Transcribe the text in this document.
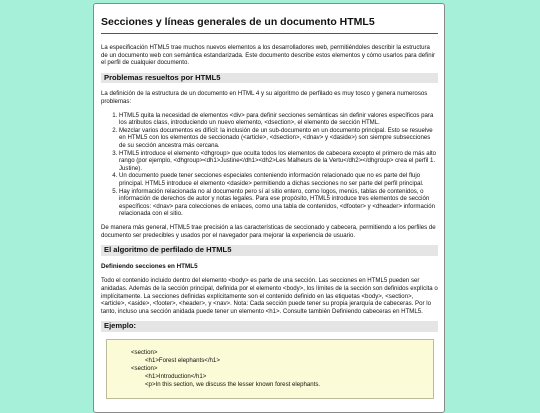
Secciones y líneas generales de un documento HTML5

La especificación HTML5 trae muchos nuevos elementos a los desarrolladores web, permitiéndoles describir la estructura de un documento web con semántica estandarizada. Este documento describe estos elementos y cómo usarlos para definir el perfil de cualquier documento.

Problemas resueltos por HTML5

La definición de la estructura de un documento en HTML 4 y su algoritmo de perfilado es muy tosco y genera numerosos problemas:

1. HTML5 quita la necesidad de elementos <div> para definir secciones semánticas sin definir valores específicos para los atributos class, introduciendo un nuevo elemento, <dsection>, el elemento de sección HTML.
2. Mezclar varios documentos es difícil: la inclusión de un sub-documento en un documento principal. Esto se resuelve en HTML5 con los elementos de seccionado (<article>, <dsection>, <dnav> y <daside>) son siempre subsecciones de su sección ancestra más cercana.
3. HTML5 introduce el elemento <dhgroup> que oculta todos los elementos de cabecera excepto el primero de más alto rango (por ejemplo, <dhgroup><dh1>Justine</dh1><dh2>Les Malheurs de la Vertu</dh2></dhgroup> crea el perfil 1. Justine).
4. Un documento puede tener secciones especiales conteniendo información relacionado que no es parte del flujo principal. HTML5 introduce el elemento <daside> permitiendo a dichas secciones no ser parte del perfil principal.
5. Hay información relacionada no al documento pero sí al sitio entero, como logos, menús, tablas de contenidos, o información de derechos de autor y notas legales. Para ese propósito, HTML5 introduce tres elementos de sección específicos: <dnav> para colecciones de enlaces, como una tabla de contenidos, <dfooter> y <dheader> información relacionada con el sitio.

De manera más general, HTML5 trae precisión a las características de seccionado y cabecera, permitiendo a los perfiles de documento ser predecibles y usados por el navegador para mejorar la experiencia de usuario.

El algoritmo de perfilado de HTML5
Definiendo secciones en HTML5

Todo el contenido incluido dentro del elemento <body> es parte de una sección. Las secciones en HTML5 pueden ser anidadas. Además de la sección principal, definida por el elemento <body>, los límites de la sección son definidos explícita o implícitamente. La secciones definidas explícitamente son el contenido definido en las etiquetas <body>, <section>, <article>, <aside>, <footer>, <header>, y <nav>. Nota: Cada sección puede tener su propia jerarquía de cabeceras. Por lo tanto, incluso una sección anidada puede tener un elemento <h1>. Consulte también Definiendo cabeceras en HTML5.

Ejemplo:
<section>
<h1>Forest elephants</h1>
<section>
<h1>Introduction</h1>
<p>In this section, we discuss the lesser known forest elephants.
